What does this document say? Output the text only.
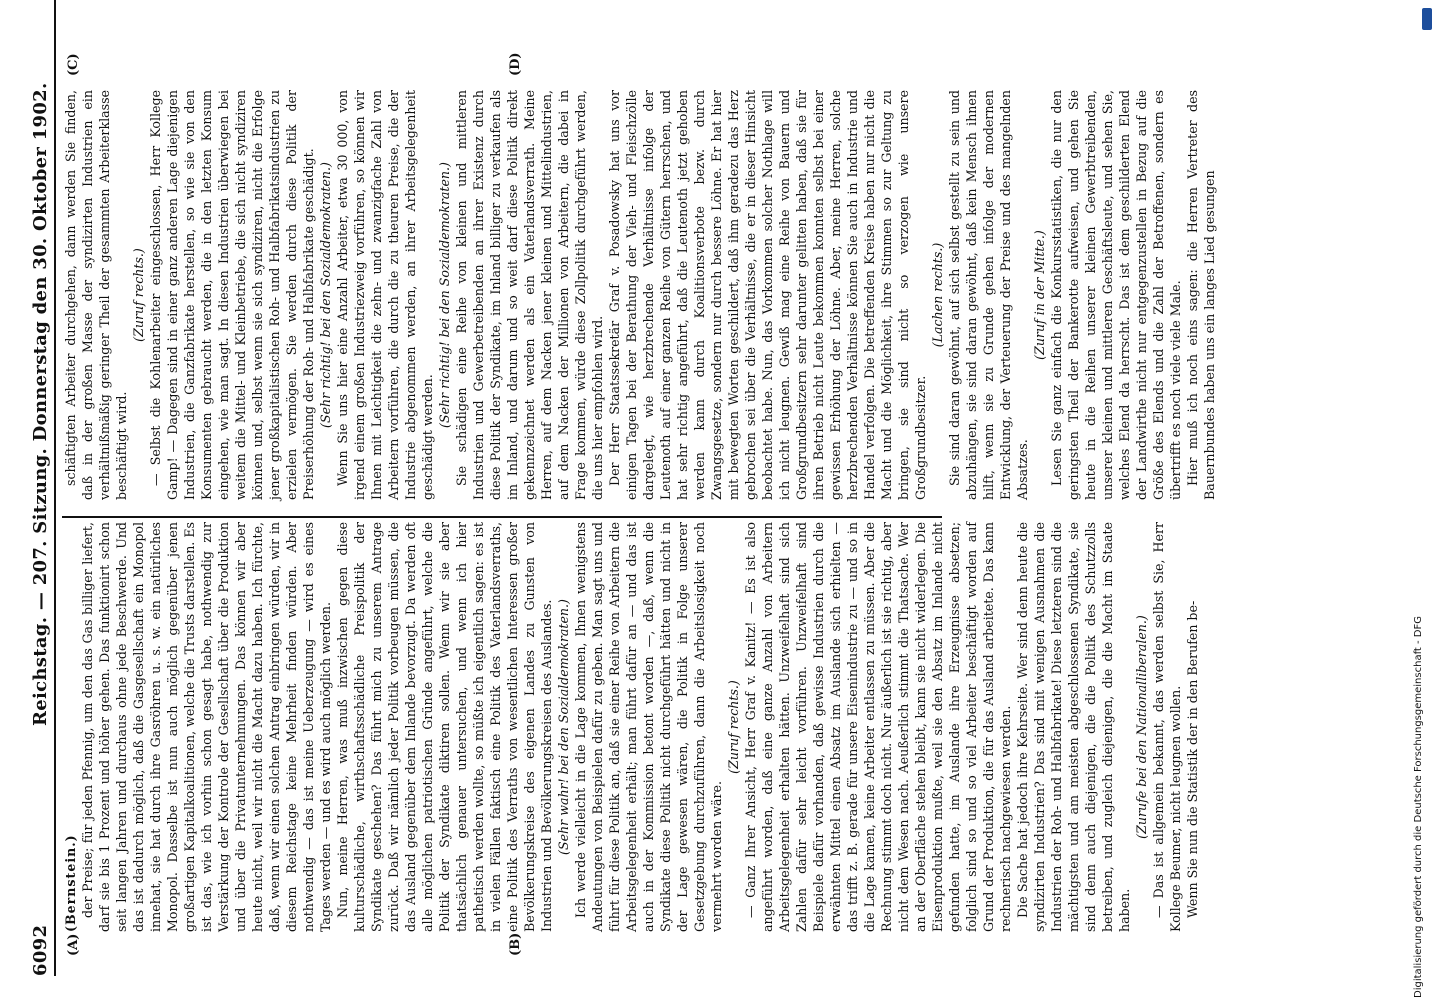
6092
Reichstag. — 207. Sitzung. Donnerstag den 30. Oktober 1902.
(A)	(B)
(C)	(D)

(Bernstein.) der Preise; für jeden Pfennig, um den das Gas billiger liefert, darf sie bis 1 Prozent und höher gehen. Das funktionirt schon seit langen Jahren und durchaus ohne jede Beschwerde. Und das ist dadurch möglich, daß die Gasgesellschaft ein Monopol innehat, sie hat durch ihre Gasröhren u. s. w. ein natürliches Monopol. Dasselbe ist nun auch möglich gegenüber jenen großartigen Kapitalkoalitionen, welche die Trusts darstellen. Es ist das, wie ich vorhin schon gesagt habe, nothwendig zur Verstärkung der Kontrole der Gesellschaft über die Produktion und über die Privatunternehmungen. Das können wir aber heute nicht, weil wir nicht die Macht dazu haben. Ich fürchte, daß, wenn wir einen solchen Antrag einbringen würden, wir in diesem Reichstage keine Mehrheit finden würden. Aber nothwendig — das ist meine Ueberzeugung — wird es eines Tages werden — und es wird auch möglich werden. Nun, meine Herren, was muß inzwischen gegen diese kulturschädliche, wirthschaftsschädliche Preispolitik der Syndikate geschehen? Das führt mich zu unserem Antrage zurück. Daß wir nämlich jeder Politik vorbeugen müssen, die das Ausland gegenüber dem Inlande bevorzugt. Da werden oft alle möglichen patriotischen Gründe angeführt, welche die Politik der Syndikate diktiren sollen. Wenn wir sie aber thatsächlich genauer untersuchen, und wenn ich hier pathetisch werden wollte, so müßte ich eigentlich sagen: es ist in vielen Fällen faktisch eine Politik des Vaterlandsverraths, eine Politik des Verraths von wesentlichen Interessen großer Bevölkerungskreise des eigenen Landes zu Gunsten von Industrien und Bevölkerungskreisen des Auslandes. (Sehr wahr! bei den Sozialdemokraten.) Ich werde vielleicht in die Lage kommen, Ihnen wenigstens Andeutungen von Beispielen dafür zu geben. Man sagt uns und führt für diese Politik an, daß sie einer Reihe von Arbeitern die Arbeitsgelegenheit erhält; man führt dafür an — und das ist auch in der Kommission betont worden —, daß, wenn die Syndikate diese Politik nicht durchgeführt hätten und nicht in der Lage gewesen wären, die Politik in Folge unserer Gesetzgebung durchzuführen, dann die Arbeitslosigkeit noch vermehrt worden wäre.

(Zuruf rechts.) — Ganz Ihrer Ansicht, Herr Graf v. Kanitz! — Es ist also angeführt worden, daß eine ganze Anzahl von Arbeitern Arbeitsgelegenheit erhalten hätten. Unzweifelhaft sind sich Zahlen dafür sehr leicht vorführen. Unzweifelhaft sind Beispiele dafür vorhanden, daß gewisse Industrien durch die erwähnten Mittel einen Absatz im Auslande sich erhielten — das trifft z. B. gerade für unsere Eisenindustrie zu — und so in die Lage kamen, keine Arbeiter entlassen zu müssen. Aber die Rechnung stimmt doch nicht. Nur äußerlich ist sie richtig, aber nicht dem Wesen nach. Aeußerlich stimmt die Thatsache. Wer an der Oberfläche stehen bleibt, kann sie nicht widerlegen. Die Eisenproduktion mußte, weil sie den Absatz im Inlande nicht gefunden hatte, im Auslande ihre Erzeugnisse absetzen; folglich sind so und so viel Arbeiter beschäftigt worden auf Grund der Produktion, die für das Ausland arbeitete. Das kann rechnerisch nachgewiesen werden. Die Sache hat jedoch ihre Kehrseite. Wer sind denn heute die syndizirten Industrien? Das sind mit wenigen Ausnahmen die Industrien der Roh- und Halbfabrikate! Diese letzteren sind die mächtigsten und am meisten abgeschlossenen Syndikate, sie sind denn auch diejenigen, die die Politik des Schutzzolls betreiben, und zugleich diejenigen, die die Macht im Staate haben.

(Zurufe bei den Nationalliberalen.) — Das ist allgemein bekannt, das werden selbst Sie, Herr Kollege Beumer, nicht leugnen wollen. Wenn Sie nun die Statistik der in den Berufen be-

schäftigten Arbeiter durchgehen, dann werden Sie finden, daß in der großen Masse der syndizirten Industrien ein verhältnißmäßig geringer Theil der gesammten Arbeiterklasse beschäftigt wird.

(Zuruf rechts.) — Selbst die Kohlenarbeiter eingeschlossen, Herr Kollege Gamp! — Dagegen sind in einer ganz anderen Lage diejenigen Industrien, die Ganzfabrikate herstellen, so wie sie von den Konsumenten gebraucht werden, die in den letzten Konsum eingehen, wie man sagt. In diesen Industrien überwiegen bei weitem die Mittel- und Kleinbetriebe, die sich nicht syndiziren können und, selbst wenn sie sich syndiziren, nicht die Erfolge jener großkapitalistischen Roh- und Halbfabrikatsindustrien zu erzielen vermögen. Sie werden durch diese Politik der Preiserhöhung der Roh- und Halbfabrikate geschädigt. (Sehr richtig! bei den Sozialdemokraten.) Wenn Sie uns hier eine Anzahl Arbeiter, etwa 30 000, von irgend einem großen Industriezweig vorführen, so können wir Ihnen mit Leichtigkeit die zehn- und zwanzigfache Zahl von Arbeitern vorführen, die durch die zu theuren Preise, die der Industrie abgenommen werden, an ihrer Arbeitsgelegenheit geschädigt werden.

(Sehr richtig! bei den Sozialdemokraten.) Sie schädigen eine Reihe von kleinen und mittleren Industrien und Gewerbetreibenden an ihrer Existenz durch diese Politik der Syndikate, im Inland billiger zu verkaufen als im Inland, und darum und so weit darf diese Politik direkt gekennzeichnet werden als ein Vaterlandsverrath. Meine Herren, auf dem Nacken jener kleinen und Mittelindustrien, auf dem Nacken der Millionen von Arbeitern, die dabei in Frage kommen, würde diese Zollpolitik durchgeführt werden, die uns hier empfohlen wird. Der Herr Staatssekretär Graf v. Posadowsky hat uns vor einigen Tagen bei der Berathung der Vieh- und Fleischzölle dargelegt, wie herzbrechende Verhältnisse infolge der Leutenoth auf einer ganzen Reihe von Gütern herrschen, und hat sehr richtig angeführt, daß die Leutenoth jetzt gehoben werden kann durch Koalitionsverbote bezw. durch Zwangsgesetze, sondern nur durch bessere Löhne. Er hat hier mit bewegten Worten geschildert, daß ihm geradezu das Herz gebrochen sei über die Verhältnisse, die er in dieser Hinsicht beobachtet habe. Nun, das Vorkommen solcher Nothlage will ich nicht leugnen. Gewiß mag eine Reihe von Bauern und Großgrundbesitzern sehr darunter gelitten haben, daß sie für ihren Betrieb nicht Leute bekommen konnten selbst bei einer gewissen Erhöhung der Löhne. Aber, meine Herren, solche herzbrechenden Verhältnisse können Sie auch in Industrie und Handel verfolgen. Die betreffenden Kreise haben nur nicht die Macht und die Möglichkeit, ihre Stimmen so zur Geltung zu bringen, sie sind nicht so verzogen wie unsere Großgrundbesitzer.

(Lachen rechts.) Sie sind daran gewöhnt, auf sich selbst gestellt zu sein und abzuhängen, sie sind daran gewöhnt, daß kein Mensch ihnen hilft, wenn sie zu Grunde gehen infolge der modernen Entwicklung, der Verteuerung der Preise und des mangelnden Absatzes.

(Zuruf in der Mitte.) Lesen Sie ganz einfach die Konkursstatistiken, die nur den geringsten Theil der Bankerotte aufweisen, und gehen Sie heute in die Reihen unserer kleinen Gewerbtreibenden, unserer kleinen und mittleren Geschäftsleute, und sehen Sie, welches Elend da herrscht. Das ist dem geschilderten Elend der Landwirthe nicht nur entgegenzustellen in Bezug auf die Größe des Elends und die Zahl der Betroffenen, sondern es übertrifft es noch viele viele Male. Hier muß ich noch eins sagen: die Herren Vertreter des Bauernbundes haben uns ein langes Lied gesungen

Digitalisierung gefördert durch die Deutsche Forschungsgemeinschaft - DFG
